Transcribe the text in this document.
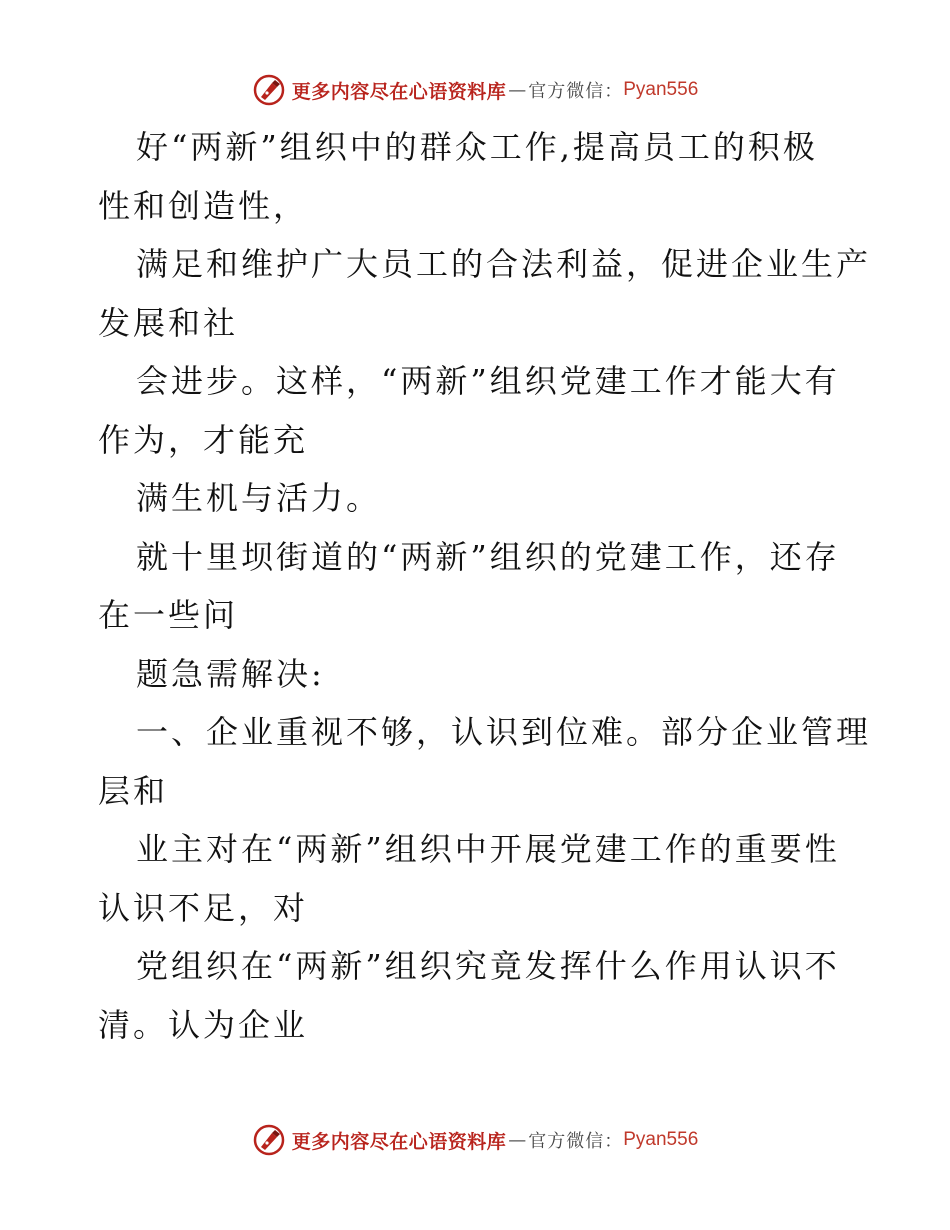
更多内容尽在心语资料库 — 官方微信： Pyan556
好“两新”组织中的群众工作,提高员工的积极
性和创造性，
满足和维护广大员工的合法利益，促进企业生产
发展和社
会进步。这样，“两新”组织党建工作才能大有
作为，才能充
满生机与活力。
就十里坝街道的“两新”组织的党建工作，还存
在一些问
题急需解决:
一、企业重视不够，认识到位难。部分企业管理
层和
业主对在“两新”组织中开展党建工作的重要性
认识不足，对
党组织在“两新”组织究竟发挥什么作用认识不
清。认为企业
更多内容尽在心语资料库 — 官方微信： Pyan556
